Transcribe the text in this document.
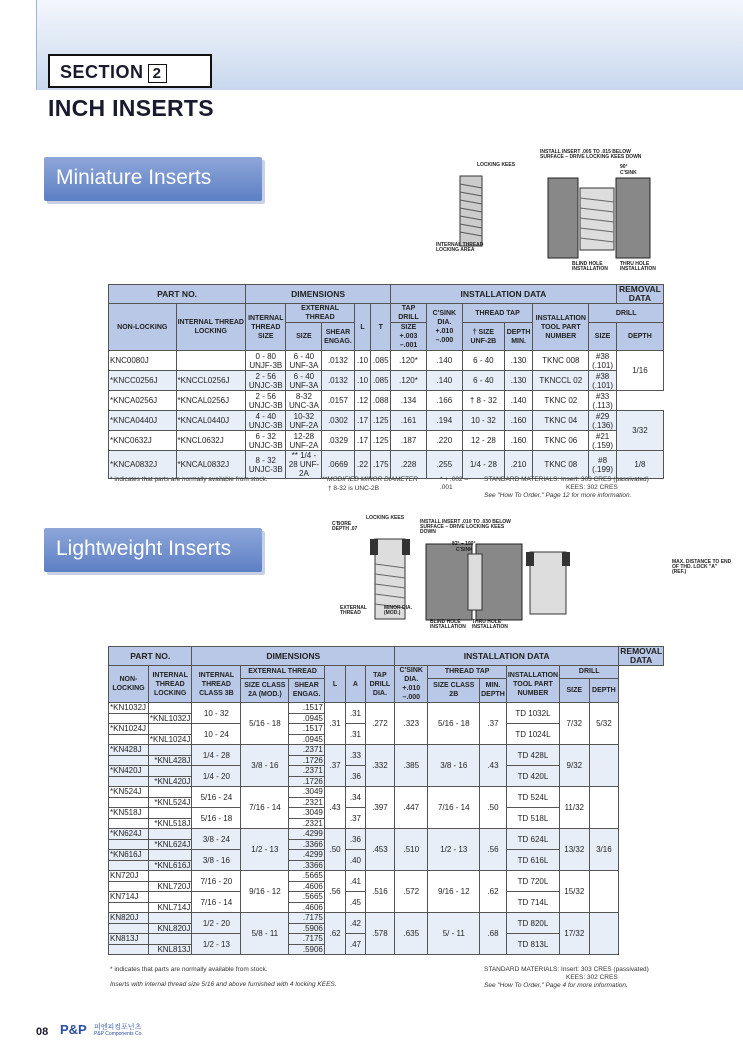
SECTION 2
INCH INSERTS
Miniature Inserts
INSTALL INSERT .005 TO .015 BELOW SURFACE – DRIVE LOCKING KEES DOWN
LOCKING KEES	90°
C'SINK
INTERNAL THREAD LOCKING AREA
BLIND HOLE INSTALLATION
THRU HOLE INSTALLATION
PART NO.		DIMENSIONS					INSTALLATION DATA						REMOVAL DATA
NON-LOCKING	INTERNAL THREAD LOCKING	INTERNAL THREAD SIZE	EXTERNAL THREAD		L	T	TAP DRILL	C'SINK DIA. +.010 –.000	THREAD TAP		INSTALLATION TOOL PART NUMBER	DRILL	
			SIZE	SHEAR ENGAG.			SIZE +.003 –.001		† SIZE UNF-2B	DEPTH MIN.		SIZE	DEPTH
KNC0080J		0 - 80 UNJF-3B	6 - 40 UNF-3A	.0132	.10	.085	.120*	.140	6 - 40	.130	TKNC 008	#38 (.101)	1/16
*KNCC0256J	*KNCCL0256J	2 - 56 UNJC-3B	6 - 40 UNF-3A	.0132	.10	.085	.120*	.140	6 - 40	.130	TKNCCL 02	#38 (.101)	
*KNCA0256J	*KNCAL0256J	2 - 56 UNJC-3B	8-32 UNC-3A	.0157	.12	.088	.134	.166	† 8 - 32	.140	TKNC 02	#33 (.113)	
*KNCA0440J	*KNCAL0440J	4 - 40 UNJC-3B	10-32 UNF-2A	.0302	.17	.125	.161	.194	10 - 32	.160	TKNC 04	#29 (.136)	3/32
*KNC0632J	*KNCL0632J	6 - 32 UNJC-3B	12-28 UNF-2A	.0329	.17	.125	.187	.220	12 - 28	.160	TKNC 06	#21 (.159)	
*KNCA0832J	*KNCAL0832J	8 - 32 UNJC-3B	** 1/4 - 28 UNF-2A	.0669	.22	.175	.228	.255	1/4 - 28	.210	TKNC 08	#8 (.199)	1/8
* indicates that parts are normally available from stock.	**MODIFIED MINOR DIAMETER
† 8-32 is UNC-2B
* + .002 – .001
STANDARD MATERIALS: Insert: 303 CRES (passivated)
KEES: 302 CRES
See "How To Order," Page 12 for more information.
Lightweight Inserts
C'BORE DEPTH .07
LOCKING KEES
INSTALL INSERT .010 TO .030 BELOW SURFACE – DRIVE LOCKING KEES DOWN
82° – 100°
C'SINK
EXTERNAL THREAD
MINOR DIA. (MOD.)
BLIND HOLE INSTALLATION
THRU HOLE INSTALLATION
MAX. DISTANCE TO END OF THD. LOCK "A" (REF.)
PART NO.		DIMENSIONS						INSTALLATION DATA						REMOVAL DATA
NON-LOCKING	INTERNAL THREAD LOCKING	INTERNAL THREAD CLASS 3B	EXTERNAL THREAD		L	A	TAP DRILL DIA.	C'SINK DIA. +.010 –.000	THREAD TAP		INSTALLATION TOOL PART NUMBER	DRILL		
			SIZE CLASS 2A (MOD.)	SHEAR ENGAG.					SIZE CLASS 2B	MIN. DEPTH		SIZE	DEPTH	
*KN1032J		10 - 32	5/16 - 18	.1517	.31	.31	.272	.323	5/16 - 18	.37	TD 1032L	7/32	5/32	
	*KNL1032J			.0945										
*KN1024J		10 - 24		.1517		.31					TD 1024L			
	*KNL1024J			.0945										
*KN428J		1/4 - 28	3/8 - 16	.2371	.37	.33	.332	.385	3/8 - 16	.43	TD 428L	9/32		
	*KNL428J			.1726										
*KN420J		1/4 - 20		.2371		.36					TD 420L			
	*KNL420J			.1726										
*KN524J		5/16 - 24	7/16 - 14	.3049	.43	.34	.397	.447	7/16 - 14	.50	TD 524L	11/32		
	*KNL524J			.2321										
*KN518J		5/16 - 18		.3049		.37					TD 518L			
	*KNL518J			.2321										
*KN624J		3/8 - 24	1/2 - 13	.4299	.50	.36	.453	.510	1/2 - 13	.56	TD 624L	13/32	3/16	
	*KNL624J			.3366										
*KN616J		3/8 - 16		.4299		.40					TD 616L			
	*KNL616J			.3366										
KN720J		7/16 - 20	9/16 - 12	.5665	.56	.41	.516	.572	9/16 - 12	.62	TD 720L	15/32		
	KNL720J			.4606										
KN714J		7/16 - 14		.5665		.45					TD 714L			
	KNL714J			.4606										
KN820J		1/2 - 20	5/8 - 11	.7175	.62	.42	.578	.635	5/ - 11	.68	TD 820L	17/32		
	KNL820J			.5906										
KN813J		1/2 - 13		.7175		.47					TD 813L			
	KNL813J			.5906										
* indicates that parts are normally available from stock.
Inserts with internal thread size 5/16 and above furnished with 4 locking KEES.
STANDARD MATERIALS: Insert: 303 CRES (passivated)
KEES: 302 CRES
See "How To Order," Page 4 for more information.
08 P&P 피엔피컴포넌츠
P&P Components Co.
